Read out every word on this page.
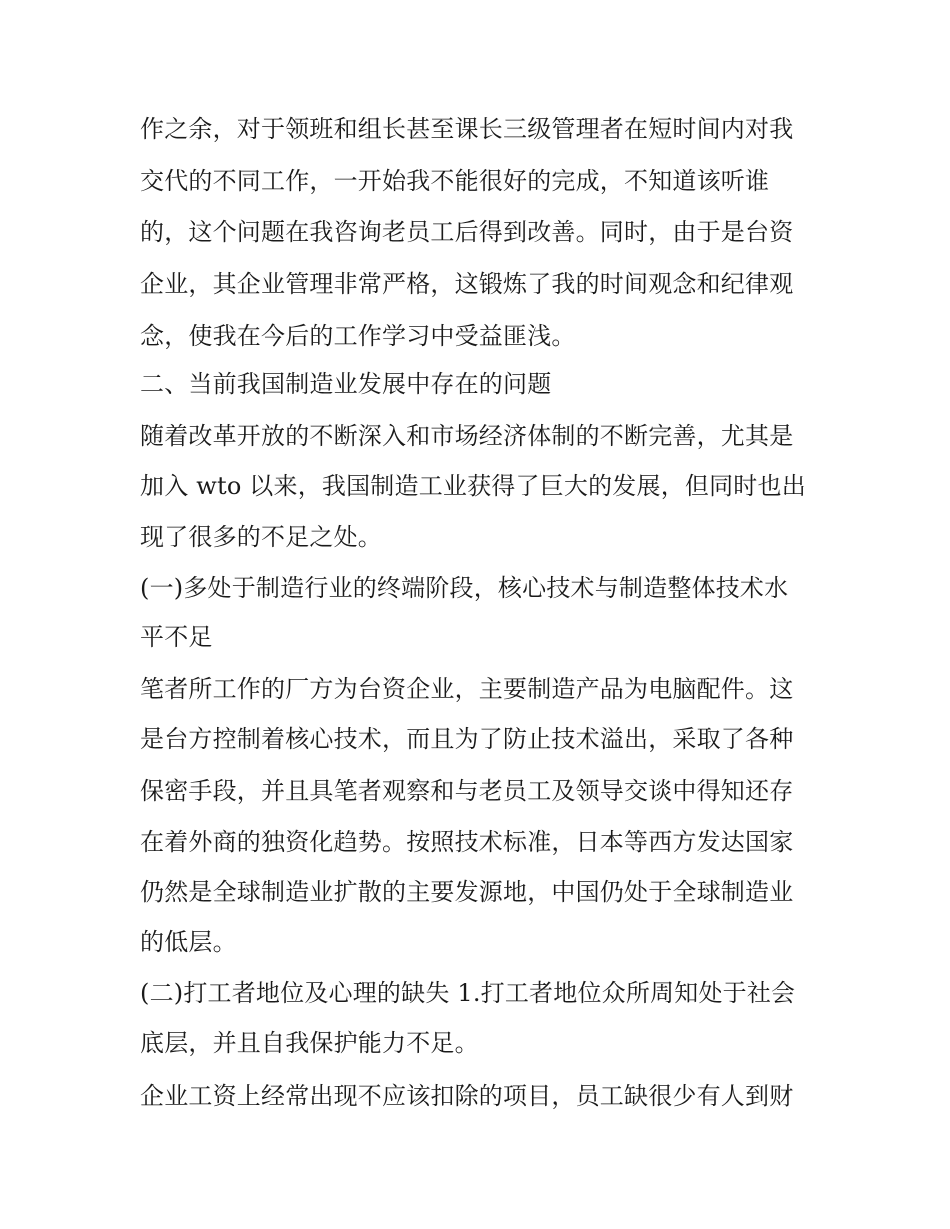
作之余，对于领班和组长甚至课长三级管理者在短时间内对我

交代的不同工作，一开始我不能很好的完成，不知道该听谁

的，这个问题在我咨询老员工后得到改善。同时，由于是台资

企业，其企业管理非常严格，这锻炼了我的时间观念和纪律观

念，使我在今后的工作学习中受益匪浅。

二、当前我国制造业发展中存在的问题

随着改革开放的不断深入和市场经济体制的不断完善，尤其是

加入 wto 以来，我国制造工业获得了巨大的发展，但同时也出

现了很多的不足之处。

(一)多处于制造行业的终端阶段，核心技术与制造整体技术水

平不足

笔者所工作的厂方为台资企业，主要制造产品为电脑配件。这

是台方控制着核心技术，而且为了防止技术溢出，采取了各种

保密手段，并且具笔者观察和与老员工及领导交谈中得知还存

在着外商的独资化趋势。按照技术标准，日本等西方发达国家

仍然是全球制造业扩散的主要发源地，中国仍处于全球制造业

的低层。

(二)打工者地位及心理的缺失 1.打工者地位众所周知处于社会

底层，并且自我保护能力不足。

企业工资上经常出现不应该扣除的项目，员工缺很少有人到财
